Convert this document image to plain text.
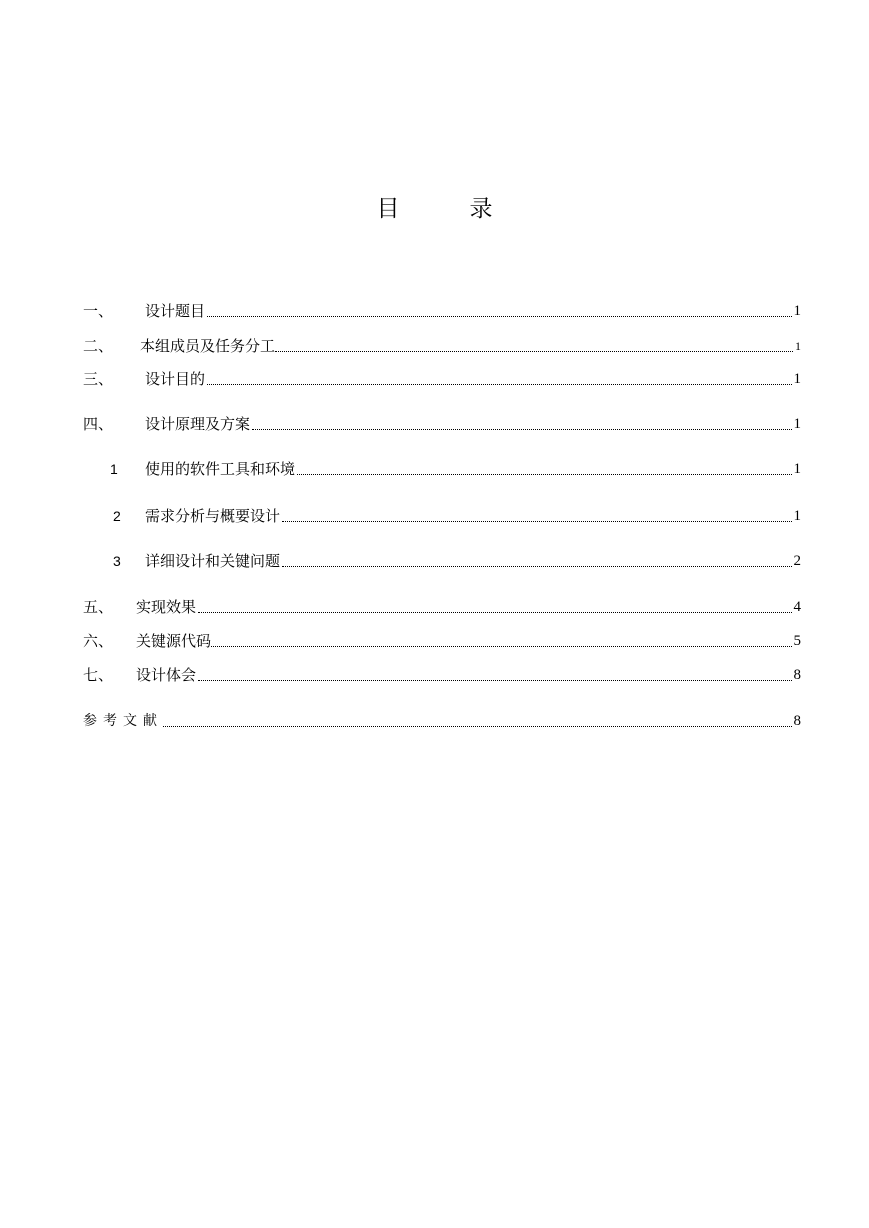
目	录
一、	设计题目	1
二、	本组成员及任务分工	1
三、	设计目的	1
四、	设计原理及方案	1
1	使用的软件工具和环境	1
2	需求分析与概要设计	1
3	详细设计和关键问题	2
五、	实现效果	4
六、	关键源代码	5
七、	设计体会	8
参考文献	8
